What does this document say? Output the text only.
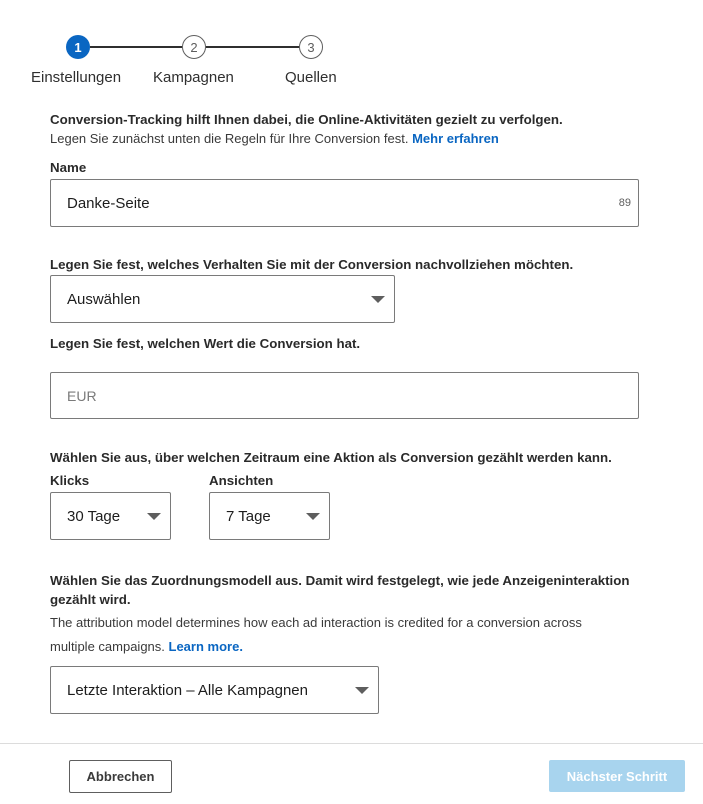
1	2	3
Einstellungen Kampagnen	Quellen
Conversion-Tracking hilft Ihnen dabei, die Online-Aktivitäten gezielt zu verfolgen.
Legen Sie zunächst unten die Regeln für Ihre Conversion fest. Mehr erfahren
Name
Danke-Seite	89
Legen Sie fest, welches Verhalten Sie mit der Conversion nachvollziehen möchten.
Auswählen
Legen Sie fest, welchen Wert die Conversion hat.
EUR
Wählen Sie aus, über welchen Zeitraum eine Aktion als Conversion gezählt werden kann.
Klicks	Ansichten
30 Tage	7 Tage
Wählen Sie das Zuordnungsmodell aus. Damit wird festgelegt, wie jede Anzeigeninteraktion
gezählt wird.
The attribution model determines how each ad interaction is credited for a conversion across
multiple campaigns. Learn more.
Letzte Interaktion – Alle Kampagnen
Abbrechen	Nächster Schritt
